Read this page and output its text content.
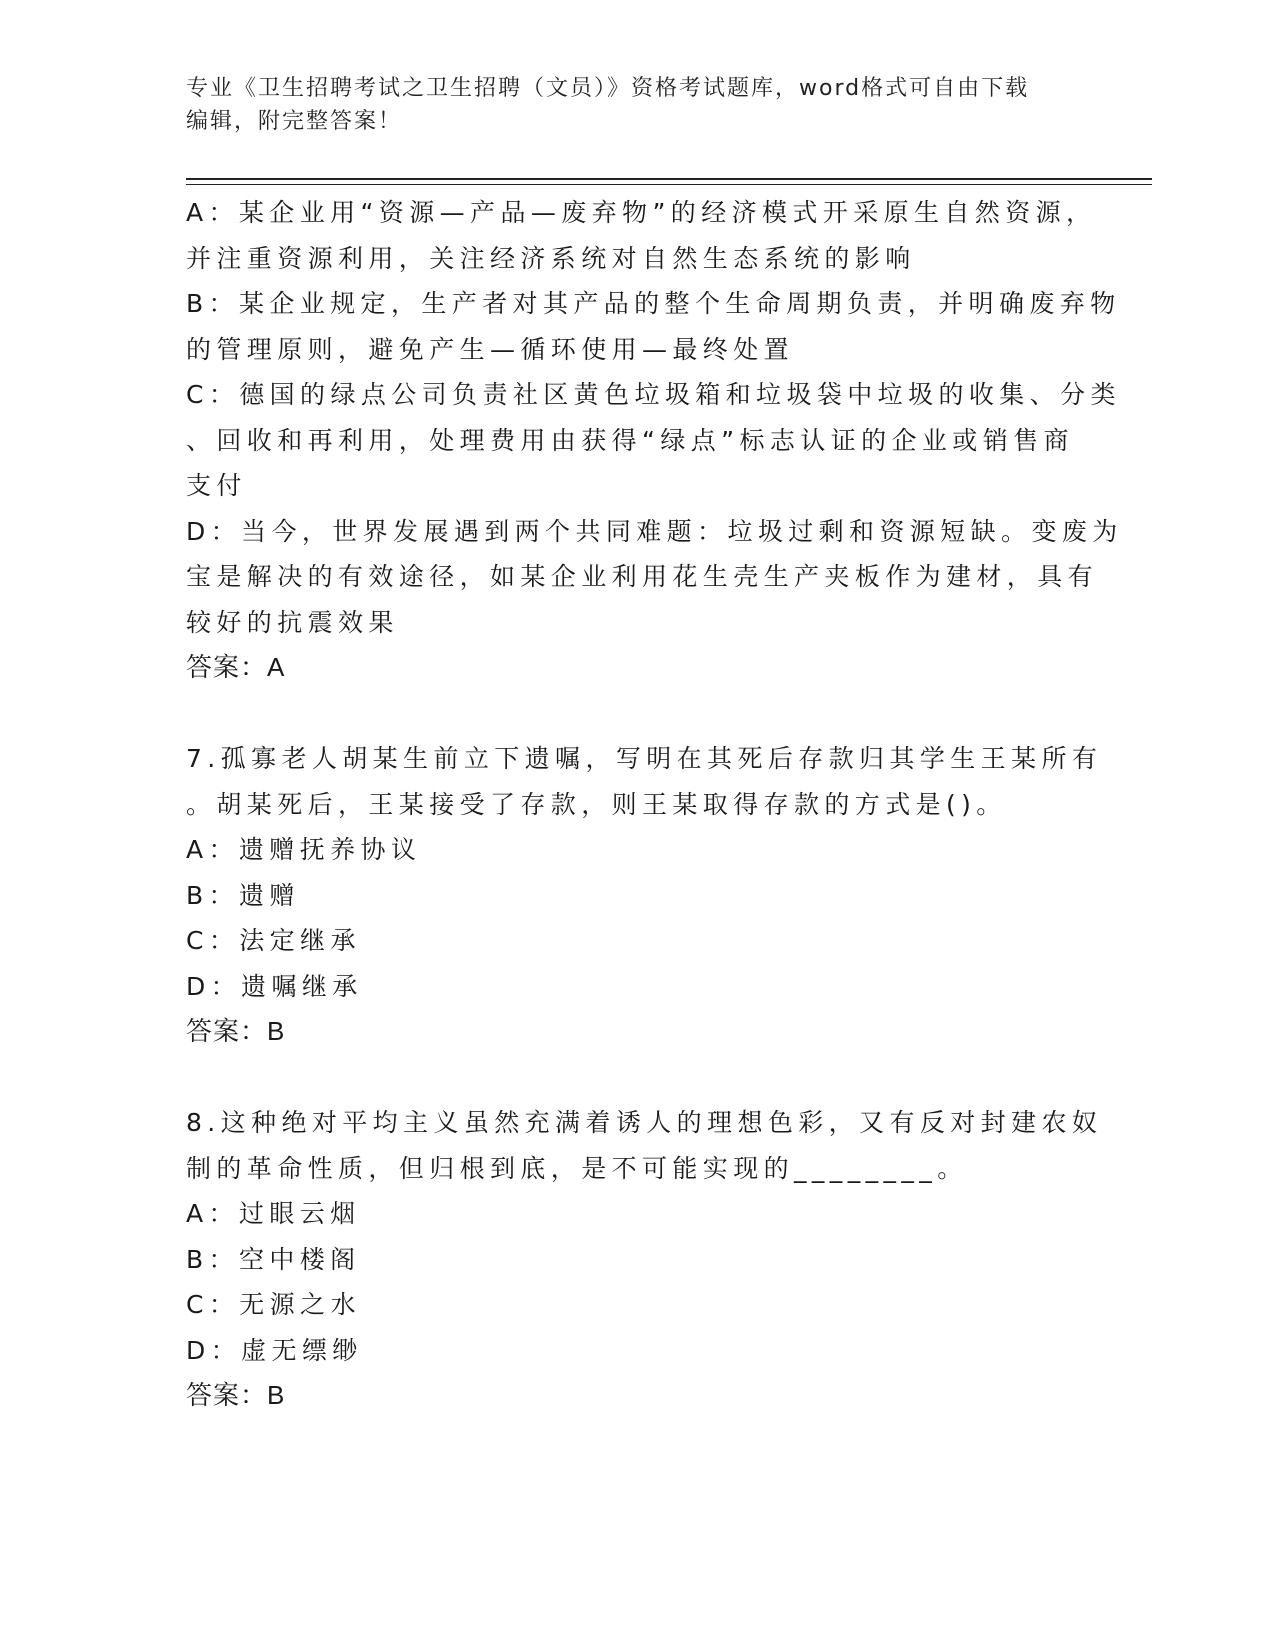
专业《卫生招聘考试之卫生招聘（文员）》资格考试题库，word格式可自由下载
编辑，附完整答案！
A：某企业用“资源—产品—废弃物”的经济模式开采原生自然资源，
并注重资源利用，关注经济系统对自然生态系统的影响
B：某企业规定，生产者对其产品的整个生命周期负责，并明确废弃物
的管理原则，避免产生—循环使用—最终处置
C：德国的绿点公司负责社区黄色垃圾箱和垃圾袋中垃圾的收集、分类
、回收和再利用，处理费用由获得“绿点”标志认证的企业或销售商
支付
D：当今，世界发展遇到两个共同难题：垃圾过剩和资源短缺。变废为
宝是解决的有效途径，如某企业利用花生壳生产夹板作为建材，具有
较好的抗震效果
答案：A
7.孤寡老人胡某生前立下遗嘱，写明在其死后存款归其学生王某所有
。胡某死后，王某接受了存款，则王某取得存款的方式是()。
A：遗赠抚养协议
B：遗赠
C：法定继承
D：遗嘱继承
答案：B
8.这种绝对平均主义虽然充满着诱人的理想色彩，又有反对封建农奴
制的革命性质，但归根到底，是不可能实现的________。
A：过眼云烟
B：空中楼阁
C：无源之水
D：虚无缥缈
答案：B
